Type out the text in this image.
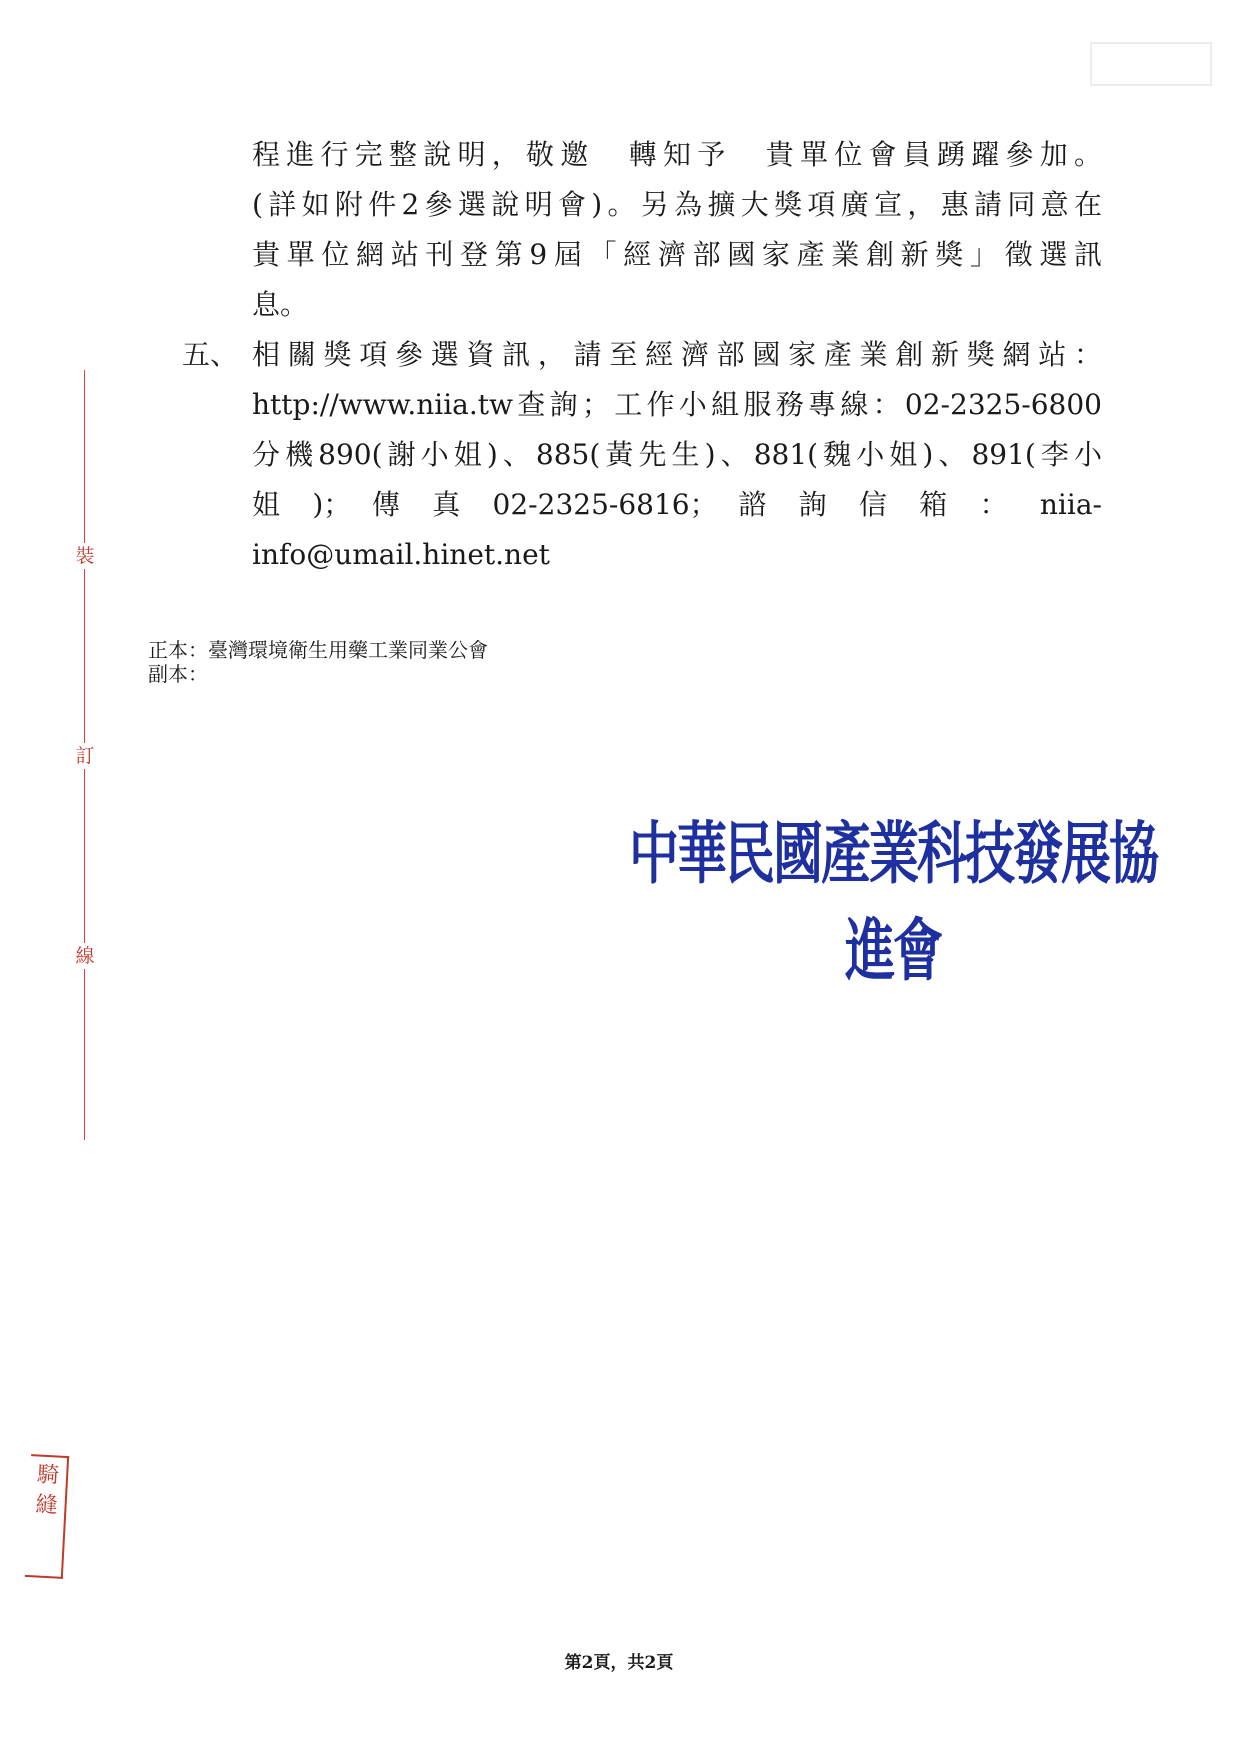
裝
訂
線
程進行完整說明，敬邀　轉知予　貴單位會員踴躍參加。
(詳如附件2參選說明會)。另為擴大獎項廣宣，惠請同意在
貴單位網站刊登第9屆「經濟部國家產業創新獎」徵選訊
息。
五、 相關獎項參選資訊，請至經濟部國家產業創新獎網站：
http://www.niia.tw查詢；工作小組服務專線：02-2325-6800
分機890(謝小姐)、885(黃先生)、881(魏小姐)、891(李小
姐 )； 傳 真 02-2325-6816； 諮 詢 信 箱 ： niia-
info@umail.hinet.net
正本：臺灣環境衛生用藥工業同業公會
副本：
中華民國產業科技發展協進會
騎
縫
第2頁，共2頁
